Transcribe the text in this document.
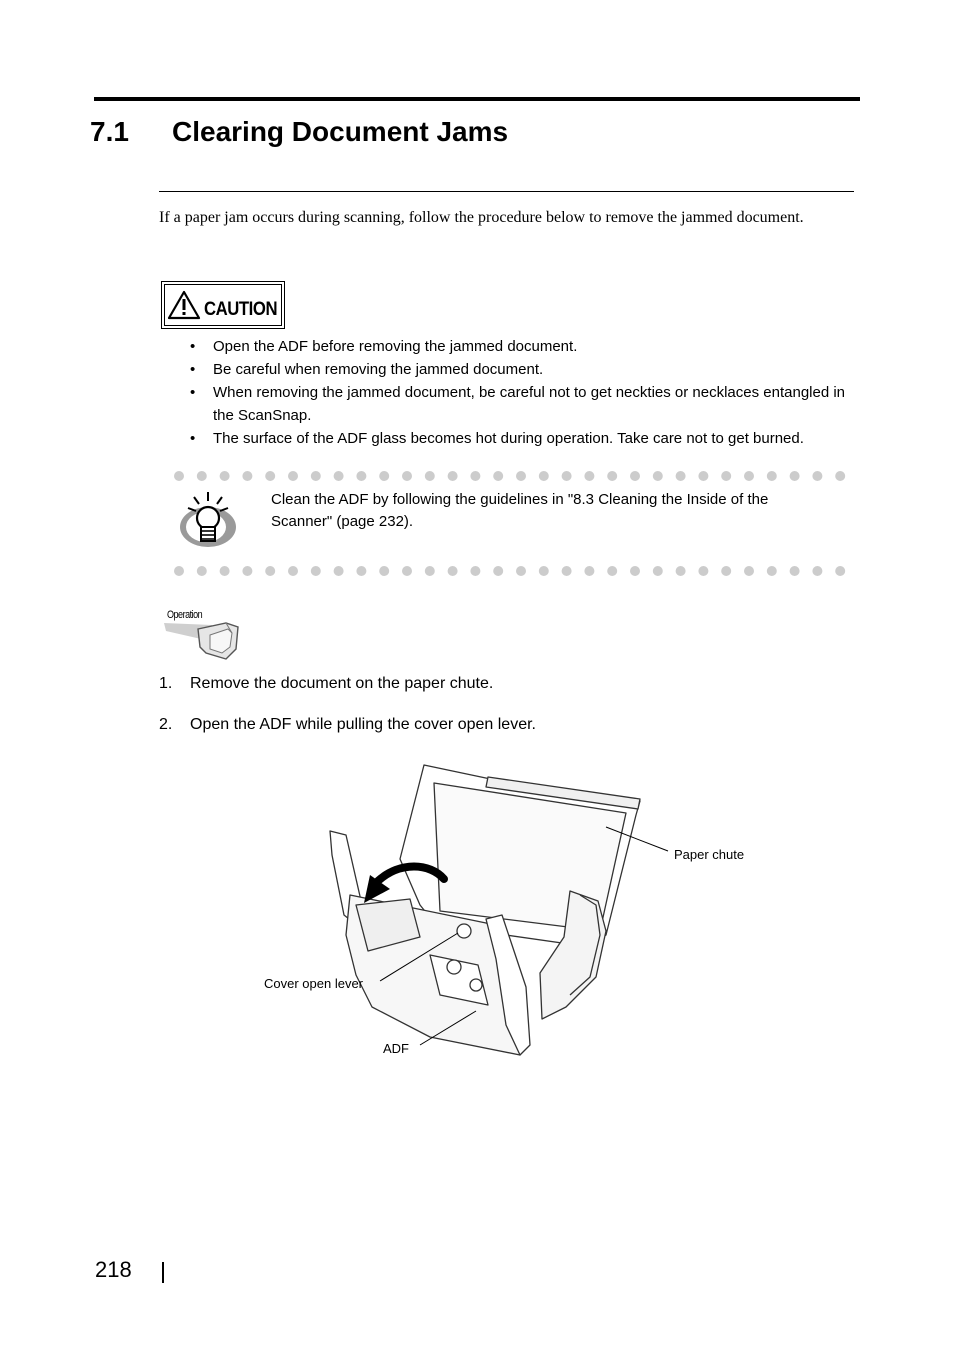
7.1 Clearing Document Jams
If a paper jam occurs during scanning, follow the procedure below to remove the jammed document.
CAUTION
• Open the ADF before removing the jammed document.
• Be careful when removing the jammed document.
• When removing the jammed document, be careful not to get neckties or necklaces entangled in the ScanSnap.
• The surface of the ADF glass becomes hot during operation. Take care not to get burned.
Clean the ADF by following the guidelines in "8.3 Cleaning the Inside of the Scanner" (page 232).
Operation
1. Remove the document on the paper chute.
2. Open the ADF while pulling the cover open lever.
Paper chute
Cover open lever
ADF
218
